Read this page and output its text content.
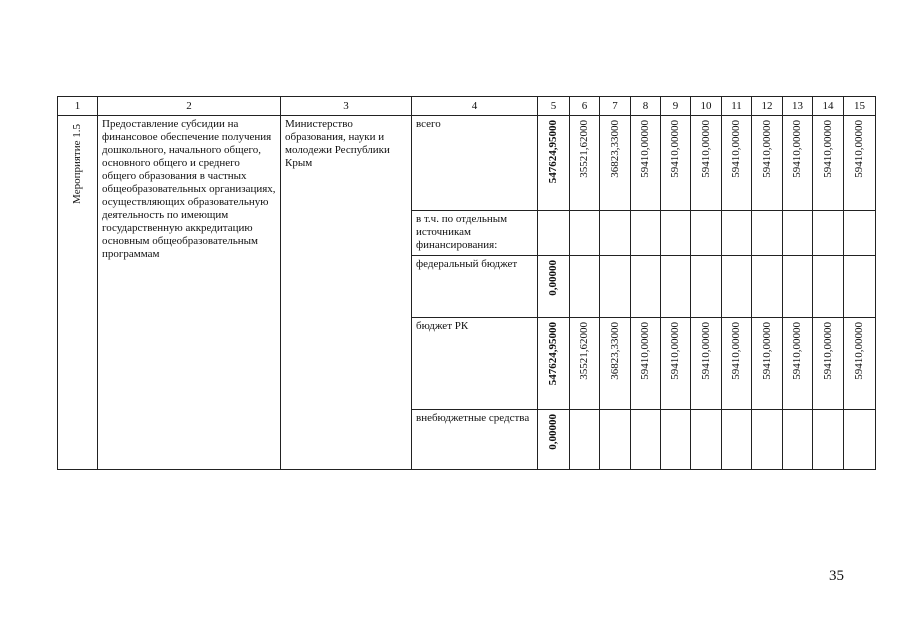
1	2	3	4	5	6	7	8	9	10	11	12	13	14	15
Мероприятие 1.5	Предоставление субсидии на финансовое обеспечение получения дошкольного, начального общего, основного общего и среднего общего образования в частных общеобразовательных организациях, осуществляющих образовательную деятельность по имеющим государственную аккредитацию основным общеобразовательным программам	Министерство образования, науки и молодежи Республики Крым	всего	547624,95000	35521,62000	36823,33000	59410,00000	59410,00000	59410,00000	59410,00000	59410,00000	59410,00000	59410,00000	59410,00000
			в т.ч. по отдельным источникам финансирования:											
			федеральный бюджет	0,00000										
			бюджет РК	547624,95000	35521,62000	36823,33000	59410,00000	59410,00000	59410,00000	59410,00000	59410,00000	59410,00000	59410,00000	59410,00000
			внебюджетные средства	0,00000										
35
